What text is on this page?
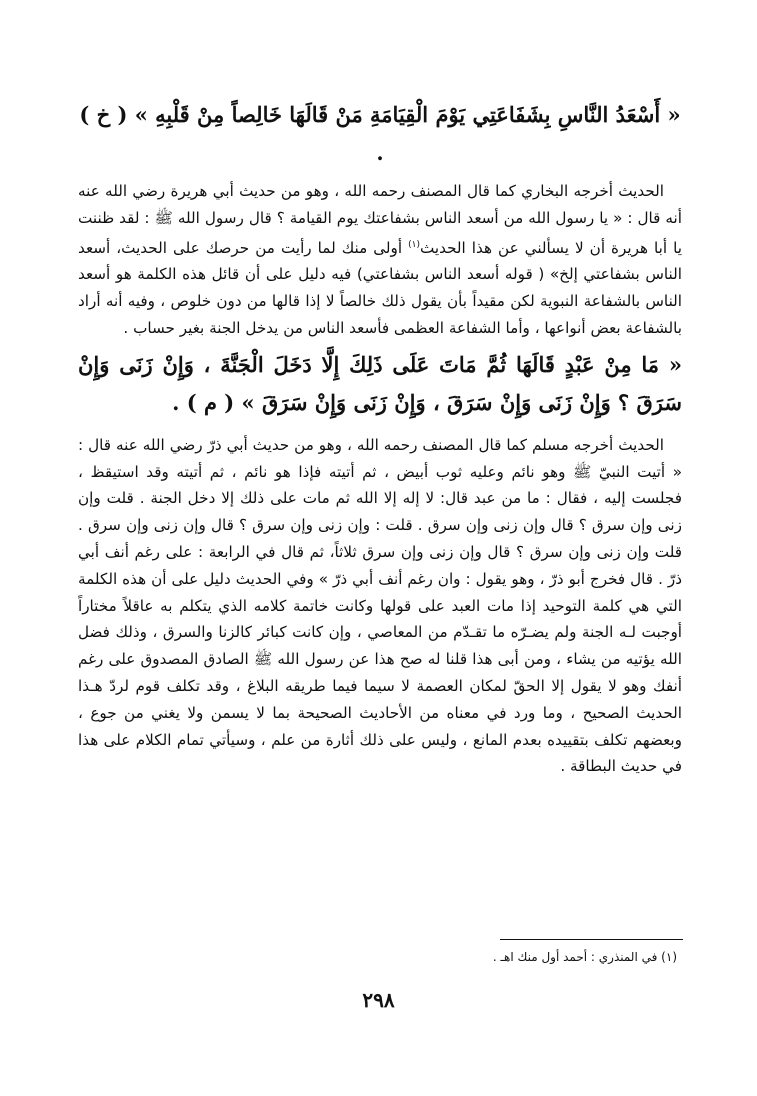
« أَسْعَدُ النَّاسِ بِشَفَاعَتِي يَوْمَ الْقِيَامَةِ مَنْ قَالَهَا خَالِصاً مِنْ قَلْبِهِ » ( خ ) .

الحديث أخرجه البخاري كما قال المصنف رحمه الله ، وهو من حديث أبي هريرة رضي الله عنه أنه قال : « يا رسول الله من أسعد الناس بشفاعتك يوم القيامة ؟ قال رسول الله ﷺ : لقد ظننت يا أبا هريرة أن لا يسألني عن هذا الحديث$^{(١)}$ أولى منك لما رأيت من حرصك على الحديث، أسعد الناس بشفاعتي إلخ» ( قوله أسعد الناس بشفاعتي) فيه دليل على أن قائل هذه الكلمة هو أسعد الناس بالشفاعة النبوية لكن مقيداً بأن يقول ذلك خالصاً لا إذا قالها من دون خلوص ، وفيه أنه أراد بالشفاعة بعض أنواعها ، وأما الشفاعة العظمى فأسعد الناس من يدخل الجنة بغير حساب .

« مَا مِنْ عَبْدٍ قَالَهَا ثُمَّ مَاتَ عَلَى ذَلِكَ إِلَّا دَخَلَ الْجَنَّةَ ، وَإِنْ زَنَى وَإِنْ سَرَقَ ؟ وَإِنْ زَنَى وَإِنْ سَرَقَ ، وَإِنْ زَنَى وَإِنْ سَرَقَ » ( م ) .

الحديث أخرجه مسلم كما قال المصنف رحمه الله ، وهو من حديث أبي ذرّ رضي الله عنه قال : « أتيت النبيّ ﷺ وهو نائم وعليه ثوب أبيض ، ثم أتيته فإذا هو نائم ، ثم أتيته وقد استيقظ ، فجلست إليه ، فقال : ما من عبد قال: لا إله إلا الله ثم مات على ذلك إلا دخل الجنة . قلت وإن زنى وإن سرق ؟ قال وإن زنى وإن سرق . قلت : وإن زنى وإن سرق ؟ قال وإن زنى وإن سرق . قلت وإن زنى وإن سرق ؟ قال وإن زنى وإن سرق ثلاثاً، ثم قال في الرابعة : على رغم أنف أبي ذرّ . قال فخرج أبو ذرّ ، وهو يقول : وان رغم أنف أبي ذرّ » وفي الحديث دليل على أن هذه الكلمة التي هي كلمة التوحيد إذا مات العبد على قولها وكانت خاتمة كلامه الذي يتكلم به عاقلاً مختاراً أوجبت لـه الجنة ولم يضـرّه ما تقـدّم من المعاصي ، وإن كانت كبائر كالزنا والسرق ، وذلك فضل الله يؤتيه من يشاء ، ومن أبى هذا قلنا له صح هذا عن رسول الله ﷺ الصادق المصدوق على رغم أنفك وهو لا يقول إلا الحقّ لمكان العصمة لا سيما فيما طريقه البلاغ ، وقد تكلف قوم لردّ هـذا الحديث الصحيح ، وما ورد في معناه من الأحاديث الصحيحة بما لا يسمن ولا يغني من جوع ، وبعضهم تكلف بتقييده بعدم المانع ، وليس على ذلك أثارة من علم ، وسيأتي تمام الكلام على هذا في حديث البطاقة .

(١) في المنذري : أحمد أول منك اهـ .
٢٩٨
